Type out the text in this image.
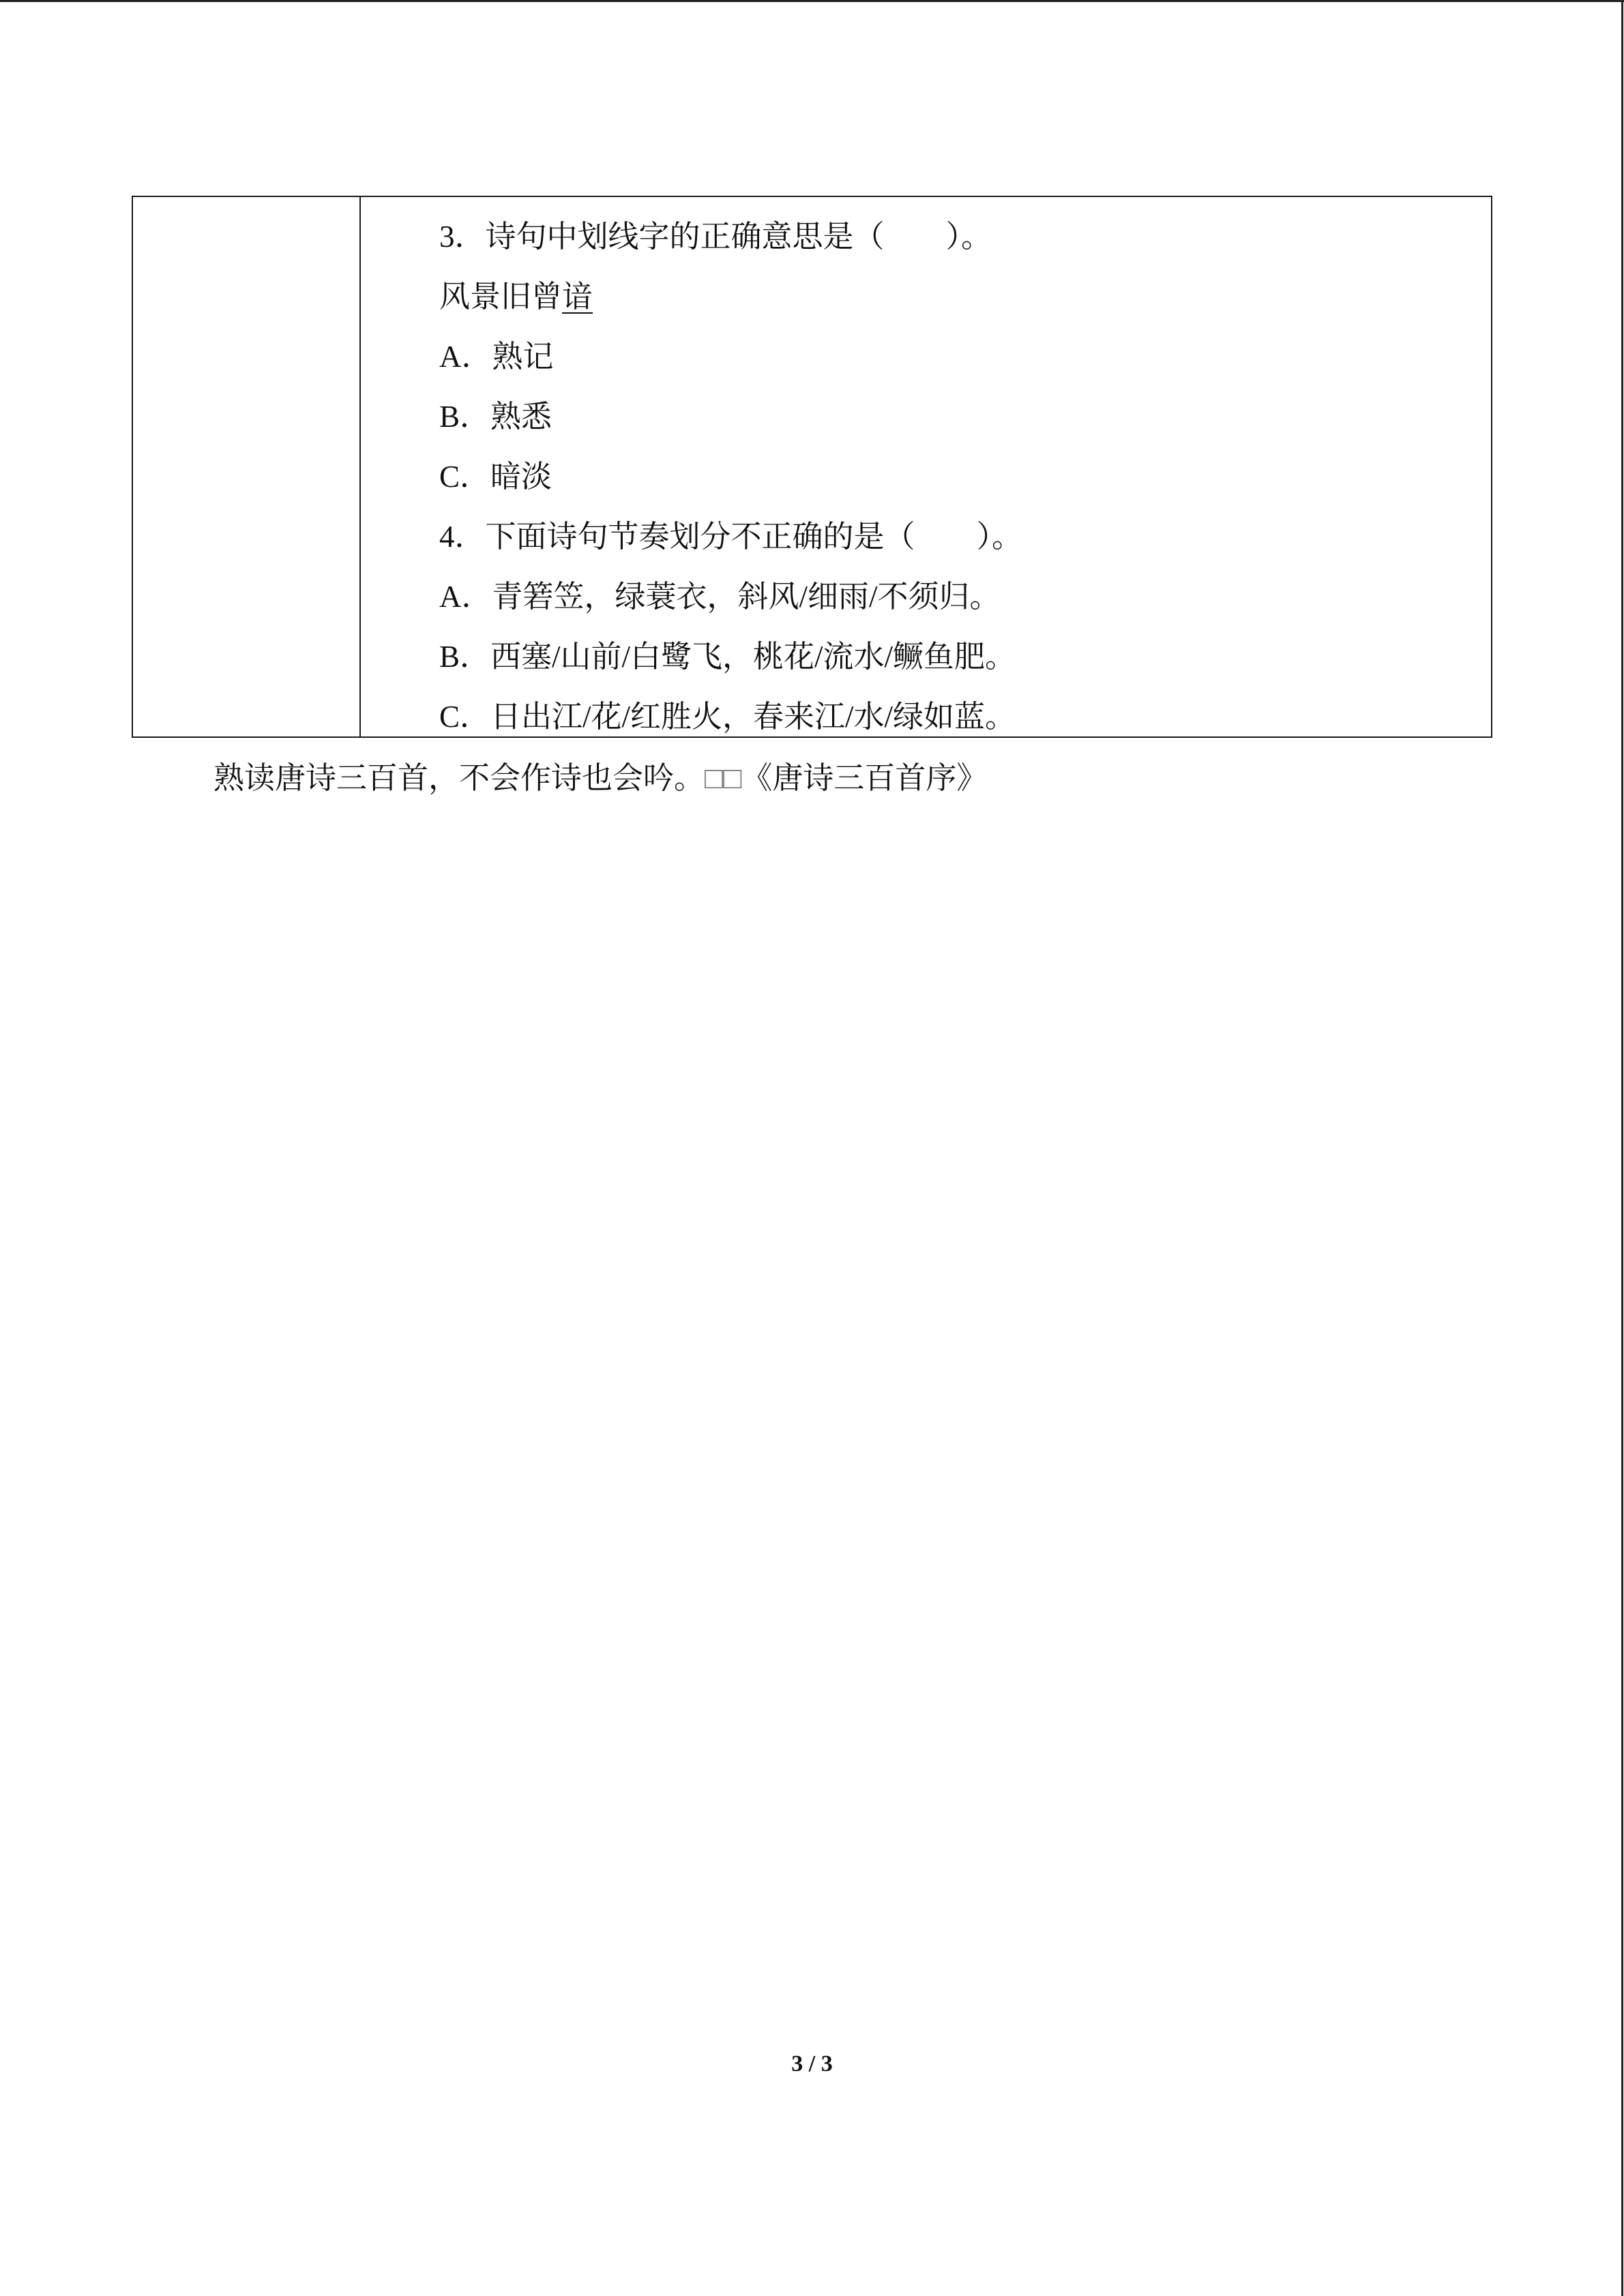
3．诗句中划线字的正确意思是（        ）。
风景旧曾谙
A．熟记
B．熟悉
C．暗淡
4．下面诗句节奏划分不正确的是（        ）。
A．青箬笠，绿蓑衣，斜风/细雨/不须归。
B．西塞/山前/白鹭飞，桃花/流水/鳜鱼肥。
C．日出江/花/红胜火，春来江/水/绿如蓝。
熟读唐诗三百首，不会作诗也会吟。□□《唐诗三百首序》
3 / 3
